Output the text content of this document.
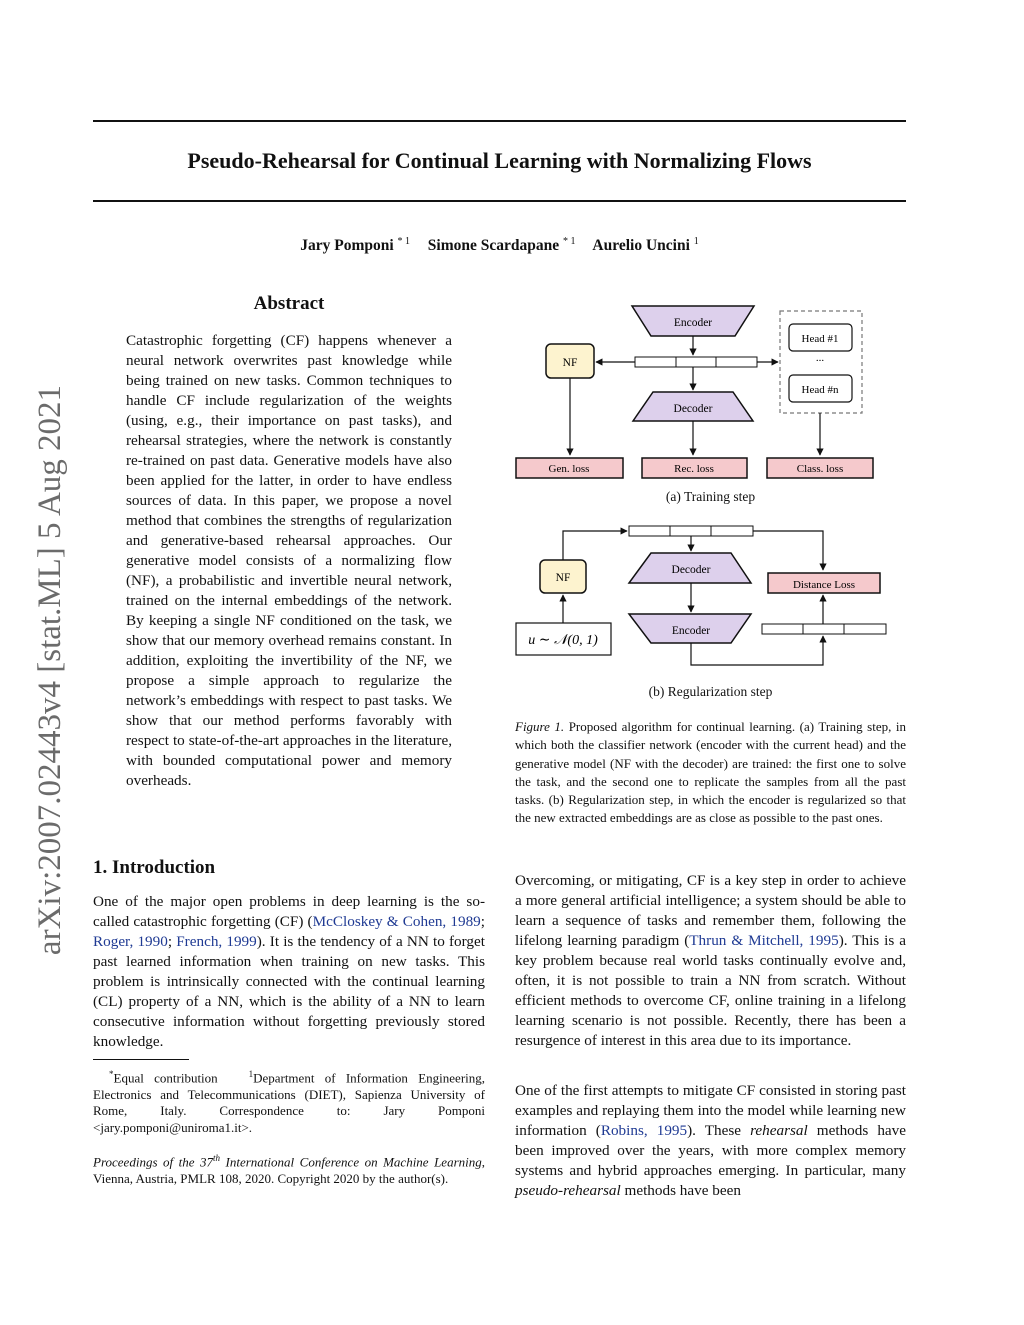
arXiv:2007.02443v4 [stat.ML] 5 Aug 2021
Pseudo-Rehearsal for Continual Learning with Normalizing Flows
Jary Pomponi $^{* 1}$ Simone Scardapane $^{* 1}$ Aurelio Uncini $^1$
Abstract
Catastrophic forgetting (CF) happens whenever a neural network overwrites past knowledge while being trained on new tasks. Common techniques to handle CF include regularization of the weights (using, e.g., their importance on past tasks), and rehearsal strategies, where the network is constantly re-trained on past data. Generative models have also been applied for the latter, in order to have endless sources of data. In this paper, we propose a novel method that combines the strengths of regularization and generative-based rehearsal approaches. Our generative model consists of a normalizing flow (NF), a probabilistic and invertible neural network, trained on the internal embeddings of the network. By keeping a single NF conditioned on the task, we show that our memory overhead remains constant. In addition, exploiting the invertibility of the NF, we propose a simple approach to regularize the network’s embeddings with respect to past tasks. We show that our method performs favorably with respect to state-of-the-art approaches in the literature, with bounded computational power and memory overheads.
1. Introduction
One of the major open problems in deep learning is the so-called catastrophic forgetting (CF) (McCloskey & Cohen, 1989; Roger, 1990; French, 1999). It is the tendency of a NN to forget past learned information when training on new tasks. This problem is intrinsically connected with the continual learning (CL) property of a NN, which is the ability of a NN to learn consecutive information without forgetting previously stored knowledge.
*Equal contribution	$^1$Department of Information Engineering, Electronics and Telecommunications (DIET), Sapienza University of Rome, Italy. Correspondence to: Jary Pomponi <jary.pomponi@uniroma1.it>.
Proceedings of the 37th International Conference on Machine Learning, Vienna, Austria, PMLR 108, 2020. Copyright 2020 by the author(s).
Encoder
NF
Decoder
Head #1
...
Head #n
Gen. loss	Rec. loss	Class. loss
Decoder
Encoder
NF
u ∼ 𝒩(0, 1)
Distance Loss
(a) Training step
(b) Regularization step
Figure 1. Proposed algorithm for continual learning. (a) Training step, in which both the classifier network (encoder with the current head) and the generative model (NF with the decoder) are trained: the first one to solve the task, and the second one to replicate the samples from all the past tasks. (b) Regularization step, in which the encoder is regularized so that the new extracted embeddings are as close as possible to the past ones.
Overcoming, or mitigating, CF is a key step in order to achieve a more general artificial intelligence; a system should be able to learn a sequence of tasks and remember them, following the lifelong learning paradigm (Thrun & Mitchell, 1995). This is a key problem because real world tasks continually evolve and, often, it is not possible to train a NN from scratch. Without efficient methods to overcome CF, online training in a lifelong learning scenario is not possible. Recently, there has been a resurgence of interest in this area due to its importance.
One of the first attempts to mitigate CF consisted in storing past examples and replaying them into the model while learning new information (Robins, 1995). These rehearsal methods have been improved over the years, with more complex memory systems and hybrid approaches emerging. In particular, many pseudo-rehearsal methods have been
